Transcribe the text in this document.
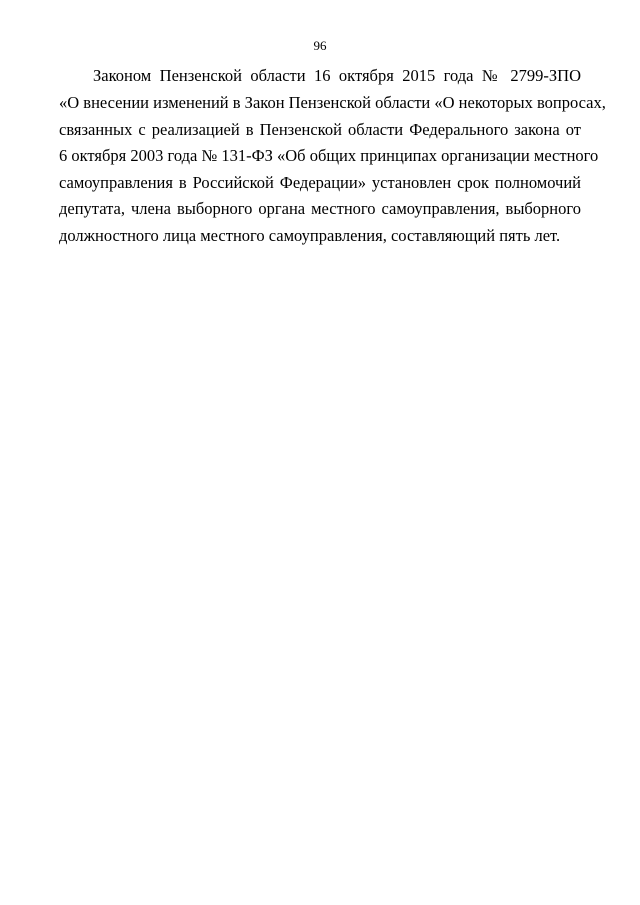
96
Законом Пензенской области 16 октября 2015 года № 2799-ЗПО
«О внесении изменений в Закон Пензенской области «О некоторых вопросах,
связанных с реализацией в Пензенской области Федерального закона от
6 октября 2003 года № 131-ФЗ «Об общих принципах организации местного
самоуправления в Российской Федерации» установлен срок полномочий
депутата, члена выборного органа местного самоуправления, выборного
должностного лица местного самоуправления, составляющий пять лет.
